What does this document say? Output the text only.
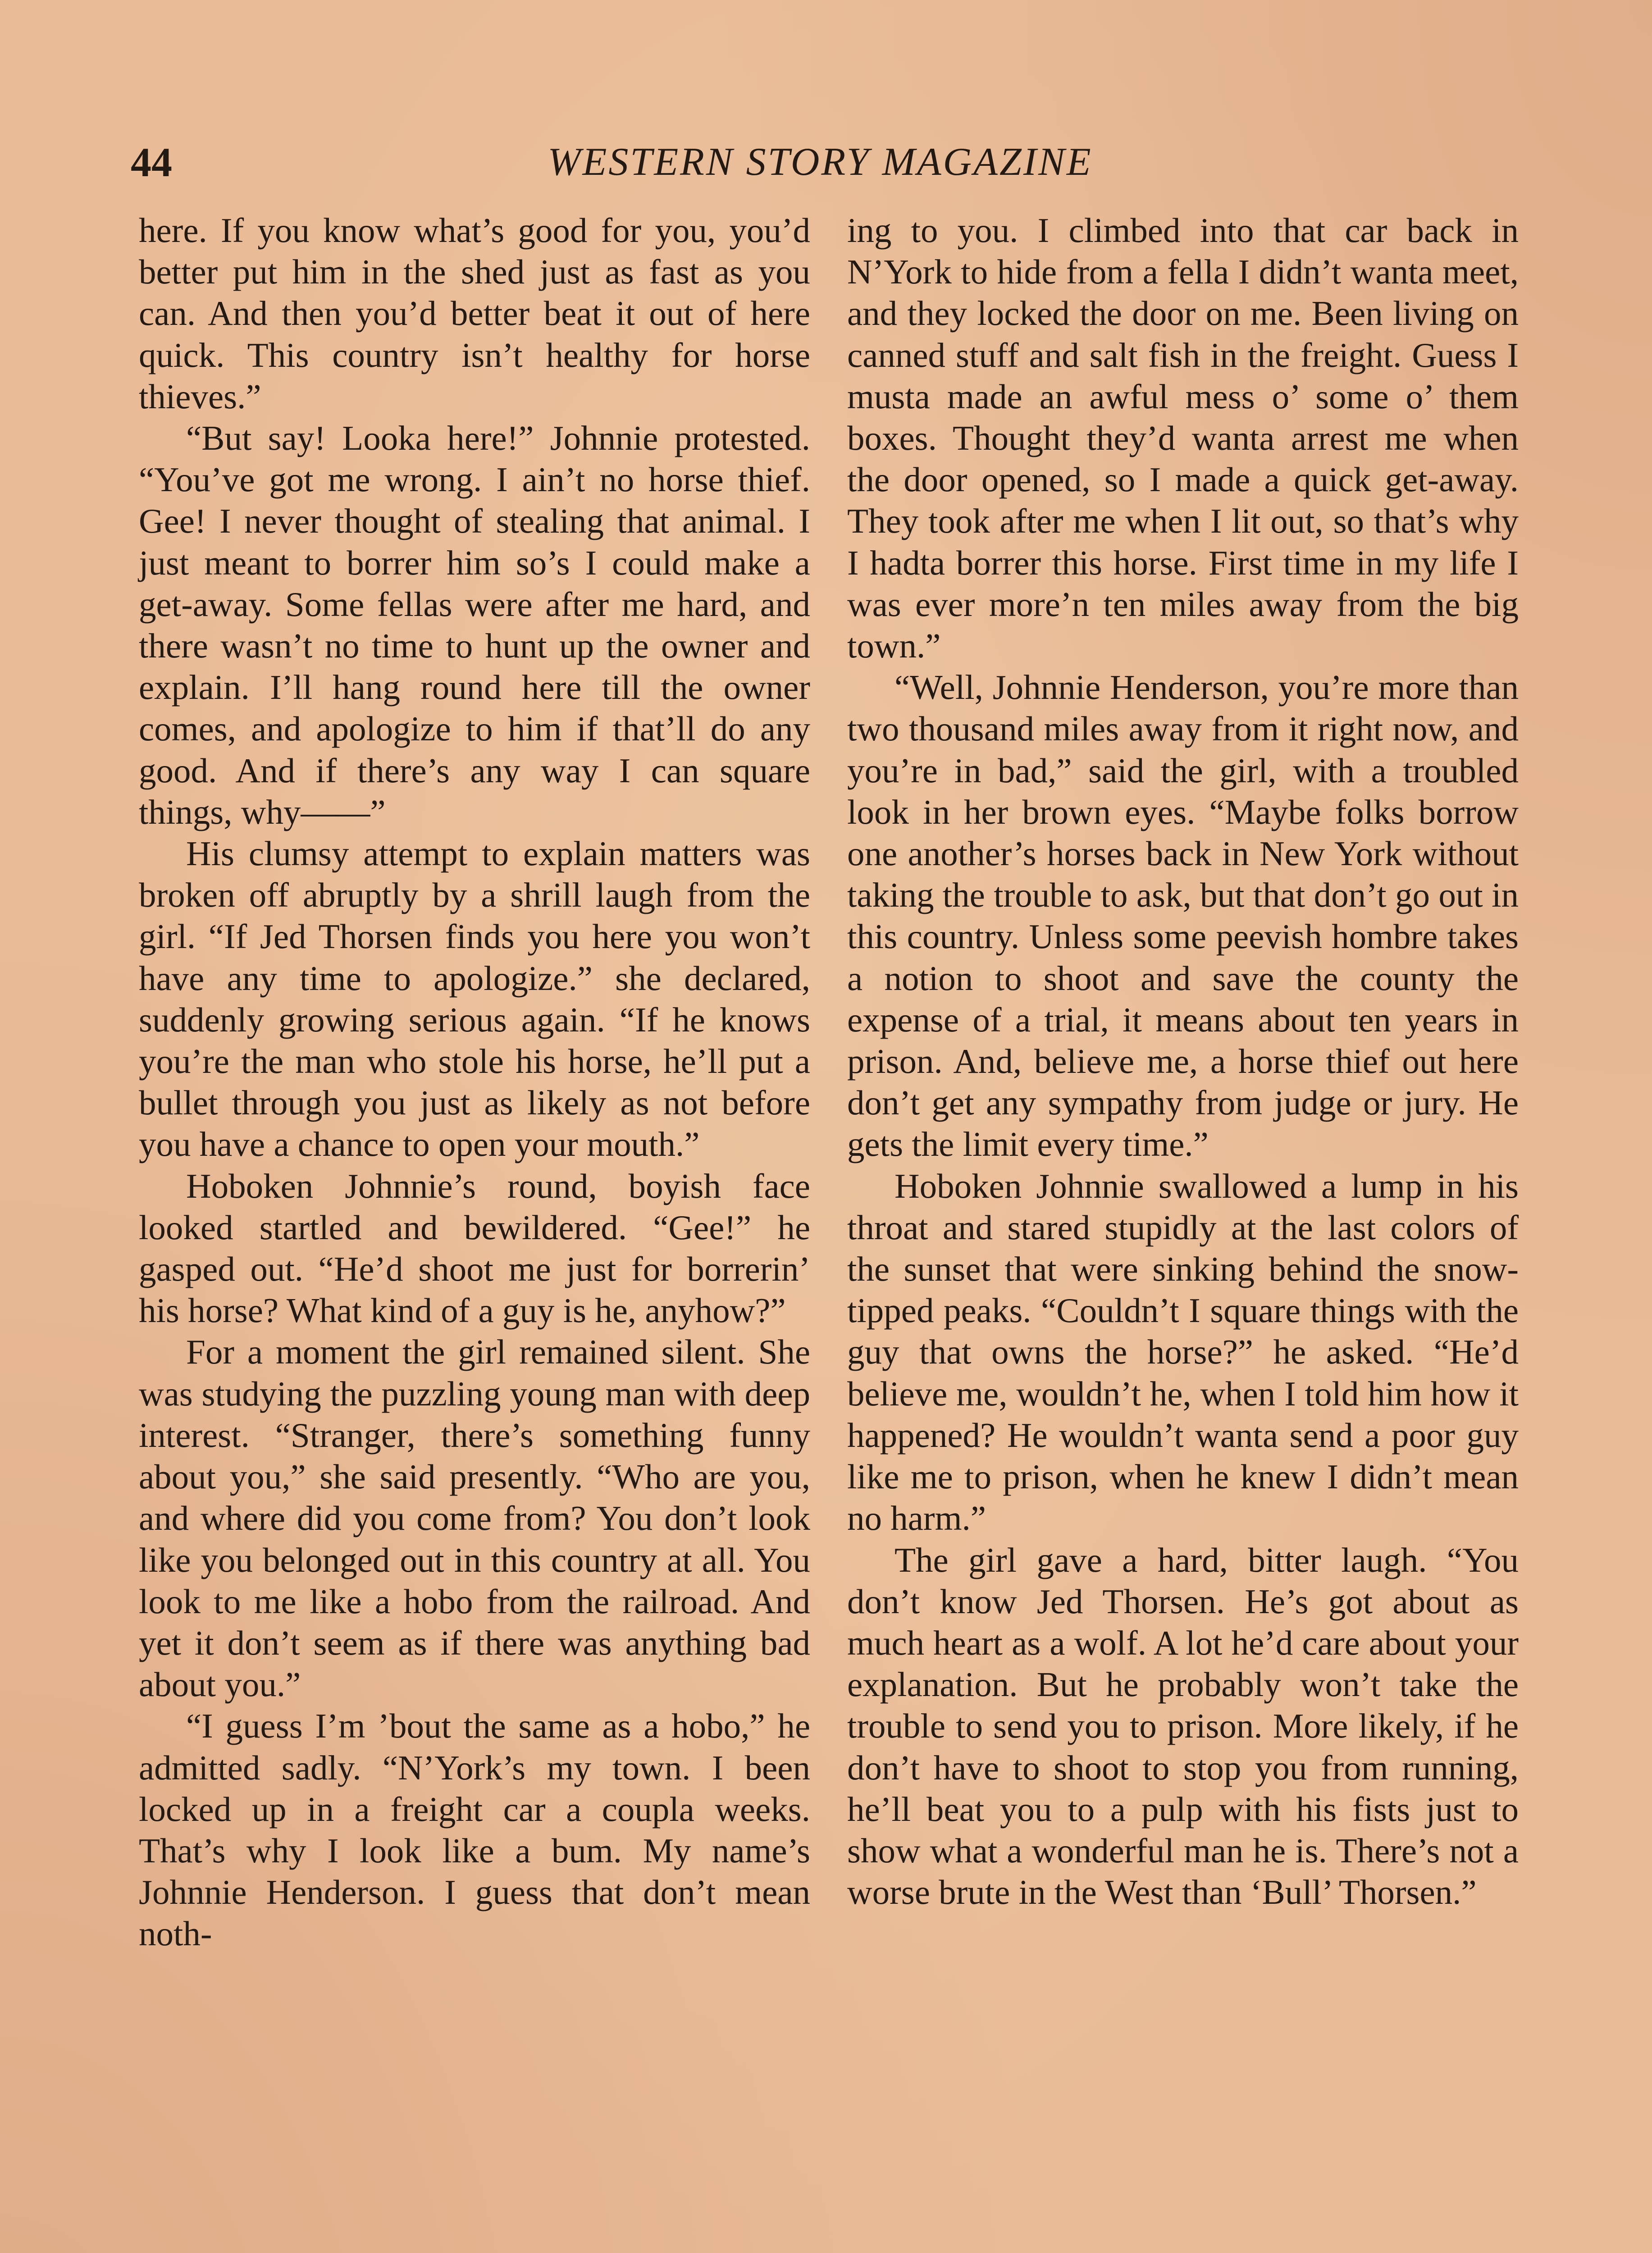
44	WESTERN STORY MAGAZINE

here. If you know what’s good for you, you’d better put him in the shed just as fast as you can. And then you’d better beat it out of here quick. This country isn’t healthy for horse thieves.”

“But say! Looka here!” Johnnie protested. “You’ve got me wrong. I ain’t no horse thief. Gee! I never thought of stealing that animal. I just meant to borrer him so’s I could make a get-away. Some fellas were after me hard, and there wasn’t no time to hunt up the owner and explain. I’ll hang round here till the owner comes, and apologize to him if that’ll do any good. And if there’s any way I can square things, why——”

His clumsy attempt to explain matters was broken off abruptly by a shrill laugh from the girl. “If Jed Thorsen finds you here you won’t have any time to apologize.” she declared, suddenly growing serious again. “If he knows you’re the man who stole his horse, he’ll put a bullet through you just as likely as not before you have a chance to open your mouth.”

Hoboken Johnnie’s round, boyish face looked startled and bewildered. “Gee!” he gasped out. “He’d shoot me just for borrerin’ his horse? What kind of a guy is he, anyhow?”

For a moment the girl remained silent. She was studying the puzzling young man with deep interest. “Stranger, there’s something funny about you,” she said presently. “Who are you, and where did you come from? You don’t look like you belonged out in this country at all. You look to me like a hobo from the railroad. And yet it don’t seem as if there was anything bad about you.”

“I guess I’m ’bout the same as a hobo,” he admitted sadly. “N’York’s my town. I been locked up in a freight car a coupla weeks. That’s why I look like a bum. My name’s Johnnie Henderson. I guess that don’t mean noth-

ing to you. I climbed into that car back in N’York to hide from a fella I didn’t wanta meet, and they locked the door on me. Been living on canned stuff and salt fish in the freight. Guess I musta made an awful mess o’ some o’ them boxes. Thought they’d wanta arrest me when the door opened, so I made a quick get-away. They took after me when I lit out, so that’s why I hadta borrer this horse. First time in my life I was ever more’n ten miles away from the big town.”

“Well, Johnnie Henderson, you’re more than two thousand miles away from it right now, and you’re in bad,” said the girl, with a troubled look in her brown eyes. “Maybe folks borrow one another’s horses back in New York without taking the trouble to ask, but that don’t go out in this country. Unless some peevish hombre takes a notion to shoot and save the county the expense of a trial, it means about ten years in prison. And, believe me, a horse thief out here don’t get any sympathy from judge or jury. He gets the limit every time.”

Hoboken Johnnie swallowed a lump in his throat and stared stupidly at the last colors of the sunset that were sinking behind the snow-tipped peaks. “Couldn’t I square things with the guy that owns the horse?” he asked. “He’d believe me, wouldn’t he, when I told him how it happened? He wouldn’t wanta send a poor guy like me to prison, when he knew I didn’t mean no harm.”

The girl gave a hard, bitter laugh. “You don’t know Jed Thorsen. He’s got about as much heart as a wolf. A lot he’d care about your explanation. But he probably won’t take the trouble to send you to prison. More likely, if he don’t have to shoot to stop you from running, he’ll beat you to a pulp with his fists just to show what a wonderful man he is. There’s not a worse brute in the West than ‘Bull’ Thorsen.”
